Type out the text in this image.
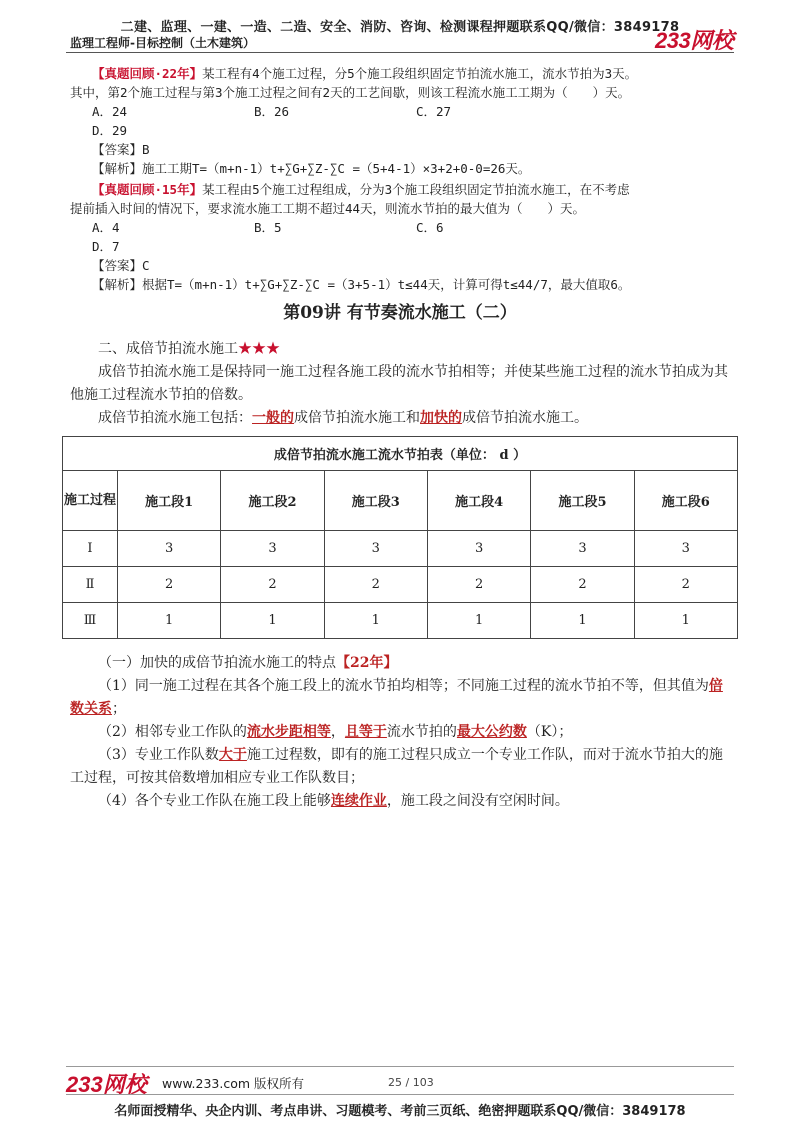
二建、监理、一建、一造、二造、安全、消防、咨询、检测课程押题联系QQ/微信：3849178
监理工程师-目标控制（土木建筑）	233网校
【真题回顾·22年】某工程有4个施工过程，分5个施工段组织固定节拍流水施工，流水节拍为3天。
其中，第2个施工过程与第3个施工过程之间有2天的工艺间歇，则该工程流水施工工期为（　　）天。
A．24	B．26	C．27D．29
【答案】B
【解析】施工工期T=（m+n-1）t+∑G+∑Z-∑C =（5+4-1）×3+2+0-0=26天。
【真题回顾·15年】某工程由5个施工过程组成，分为3个施工段组织固定节拍流水施工，在不考虑
提前插入时间的情况下，要求流水施工工期不超过44天，则流水节拍的最大值为（　　）天。
A．4	B．5	C．6D．7
【答案】C
【解析】根据T=（m+n-1）t+∑G+∑Z-∑C =（3+5-1）t≤44天，计算可得t≤44/7，最大值取6。
第09讲 有节奏流水施工（二）
二、成倍节拍流水施工★★★
成倍节拍流水施工是保持同一施工过程各施工段的流水节拍相等；并使某些施工过程的流水节拍成为其他施工过程流水节拍的倍数。
成倍节拍流水施工包括：一般的成倍节拍流水施工和加快的成倍节拍流水施工。
成倍节拍流水施工流水节拍表（单位： d ）						
施工过程	施工段1	施工段2	施工段3	施工段4	施工段5	施工段6
Ⅰ	3	3	3	3	3	3
Ⅱ	2	2	2	2	2	2
Ⅲ	1	1	1	1	1	1
（一）加快的成倍节拍流水施工的特点【22年】
（1）同一施工过程在其各个施工段上的流水节拍均相等；不同施工过程的流水节拍不等，但其值为倍数关系；
（2）相邻专业工作队的流水步距相等，且等于流水节拍的最大公约数（K）；
（3）专业工作队数大于施工过程数，即有的施工过程只成立一个专业工作队，而对于流水节拍大的施工过程，可按其倍数增加相应专业工作队数目；
（4）各个专业工作队在施工段上能够连续作业，施工段之间没有空闲时间。
233网校 www.233.com 版权所有	25 / 103
名师面授精华、央企内训、考点串讲、习题模考、考前三页纸、绝密押题联系QQ/微信：3849178
